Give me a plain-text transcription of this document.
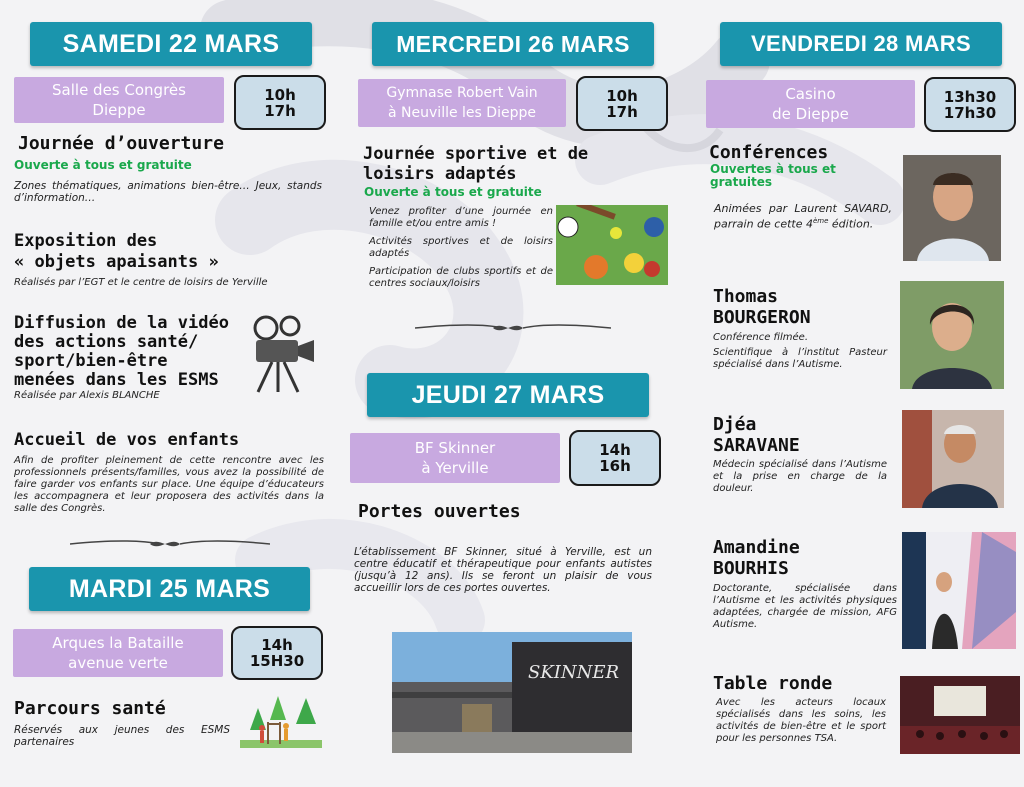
SAMEDI 22 MARS
Salle des Congrès
Dieppe
10h
17h
Journée d’ouverture
Ouverte à tous et gratuite
Zones thématiques, animations bien-être… Jeux, stands d’information…
Exposition des
« objets apaisants »
Réalisés par l’EGT et le centre de loisirs de Yerville
Diffusion de la vidéo
des actions santé/
sport/bien-être
menées dans les ESMS
Réalisée par Alexis BLANCHE
Accueil de vos enfants
Afin de profiter pleinement de cette rencontre avec les professionnels présents/familles, vous avez la possibilité de faire garder vos enfants sur place. Une équipe d’éducateurs les accompagnera et leur proposera des activités dans la salle des Congrès.
MARDI 25 MARS
Arques la Bataille
avenue verte
14h
15H30
Parcours santé
Réservés aux jeunes des ESMS partenaires
MERCREDI 26 MARS
Gymnase Robert Vain
à Neuville les Dieppe
10h
17h
Journée sportive et de
loisirs adaptés
Ouverte à tous et gratuite
Venez profiter d’une journée en famille et/ou entre amis !
Activités sportives et de loisirs adaptés
Participation de clubs sportifs et de centres sociaux/loisirs
JEUDI 27 MARS
BF Skinner
à Yerville
14h
16h
Portes ouvertes
L’établissement BF Skinner, situé à Yerville, est un centre éducatif et thérapeutique pour enfants autistes (jusqu’à 12 ans). Ils se feront un plaisir de vous accueillir lors de ces portes ouvertes.
SKINNER
VENDREDI 28 MARS
Casino
de Dieppe
13h30
17h30
Conférences
Ouvertes à tous et
gratuites
Animées par Laurent SAVARD, parrain de cette 4ème édition.
Thomas
BOURGERON
Conférence filmée.
Scientifique à l’institut Pasteur spécialisé dans l’Autisme.
Djéa
SARAVANE
Médecin spécialisé dans l’Autisme et la prise en charge de la douleur.
Amandine
BOURHIS
Doctorante, spécialisée dans l’Autisme et les activités physiques adaptées, chargée de mission, AFG Autisme.
Table ronde
Avec les acteurs locaux spécialisés dans les soins, les activités de bien-être et le sport pour les personnes TSA.
